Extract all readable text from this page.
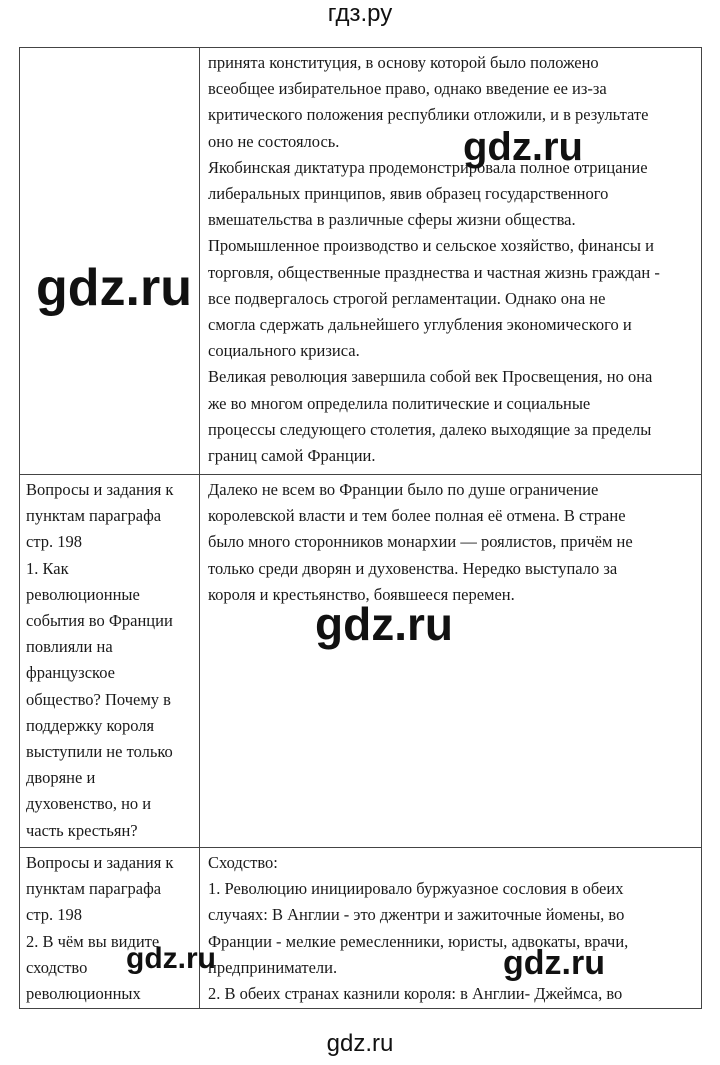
гдз.ру

принята конституция, в основу которой было положено

всеобщее избирательное право, однако введение ее из-за

критического положения республики отложили, и в результате

оно не состоялось.

Якобинская диктатура продемонстрировала полное отрицание

либеральных принципов, явив образец государственного

вмешательства в различные сферы жизни общества.

Промышленное производство и сельское хозяйство, финансы и

торговля, общественные празднества и частная жизнь граждан -

все подвергалось строгой регламентации. Однако она не

смогла сдержать дальнейшего углубления экономического и

социального кризиса.

Великая революция завершила собой век Просвещения, но она

же во многом определила политические и социальные

процессы следующего столетия, далеко выходящие за пределы

границ самой Франции.

Вопросы и задания к

пунктам параграфа

стр. 198

1. Как

революционные

события во Франции

повлияли на

французское

общество? Почему в

поддержку короля

выступили не только

дворяне и

духовенство, но и

часть крестьян?

Далеко не всем во Франции было по душе ограничение

королевской власти и тем более полная её отмена. В стране

было много сторонников монархии — роялистов, причём не

только среди дворян и духовенства. Нередко выступало за

короля и крестьянство, боявшееся перемен.

Вопросы и задания к

пунктам параграфа

стр. 198

2. В чём вы видите

сходство

революционных

Сходство:

1. Революцию инициировало буржуазное сословия в обеих

случаях: В Англии - это джентри и зажиточные йомены, во

Франции - мелкие ремесленники, юристы, адвокаты, врачи,

предприниматели.

2. В обеих странах казнили короля: в Англии- Джеймса, во

gdz.ru
gdz.ru
gdz.ru
gdz.ru	gdz.ru
gdz.ru
